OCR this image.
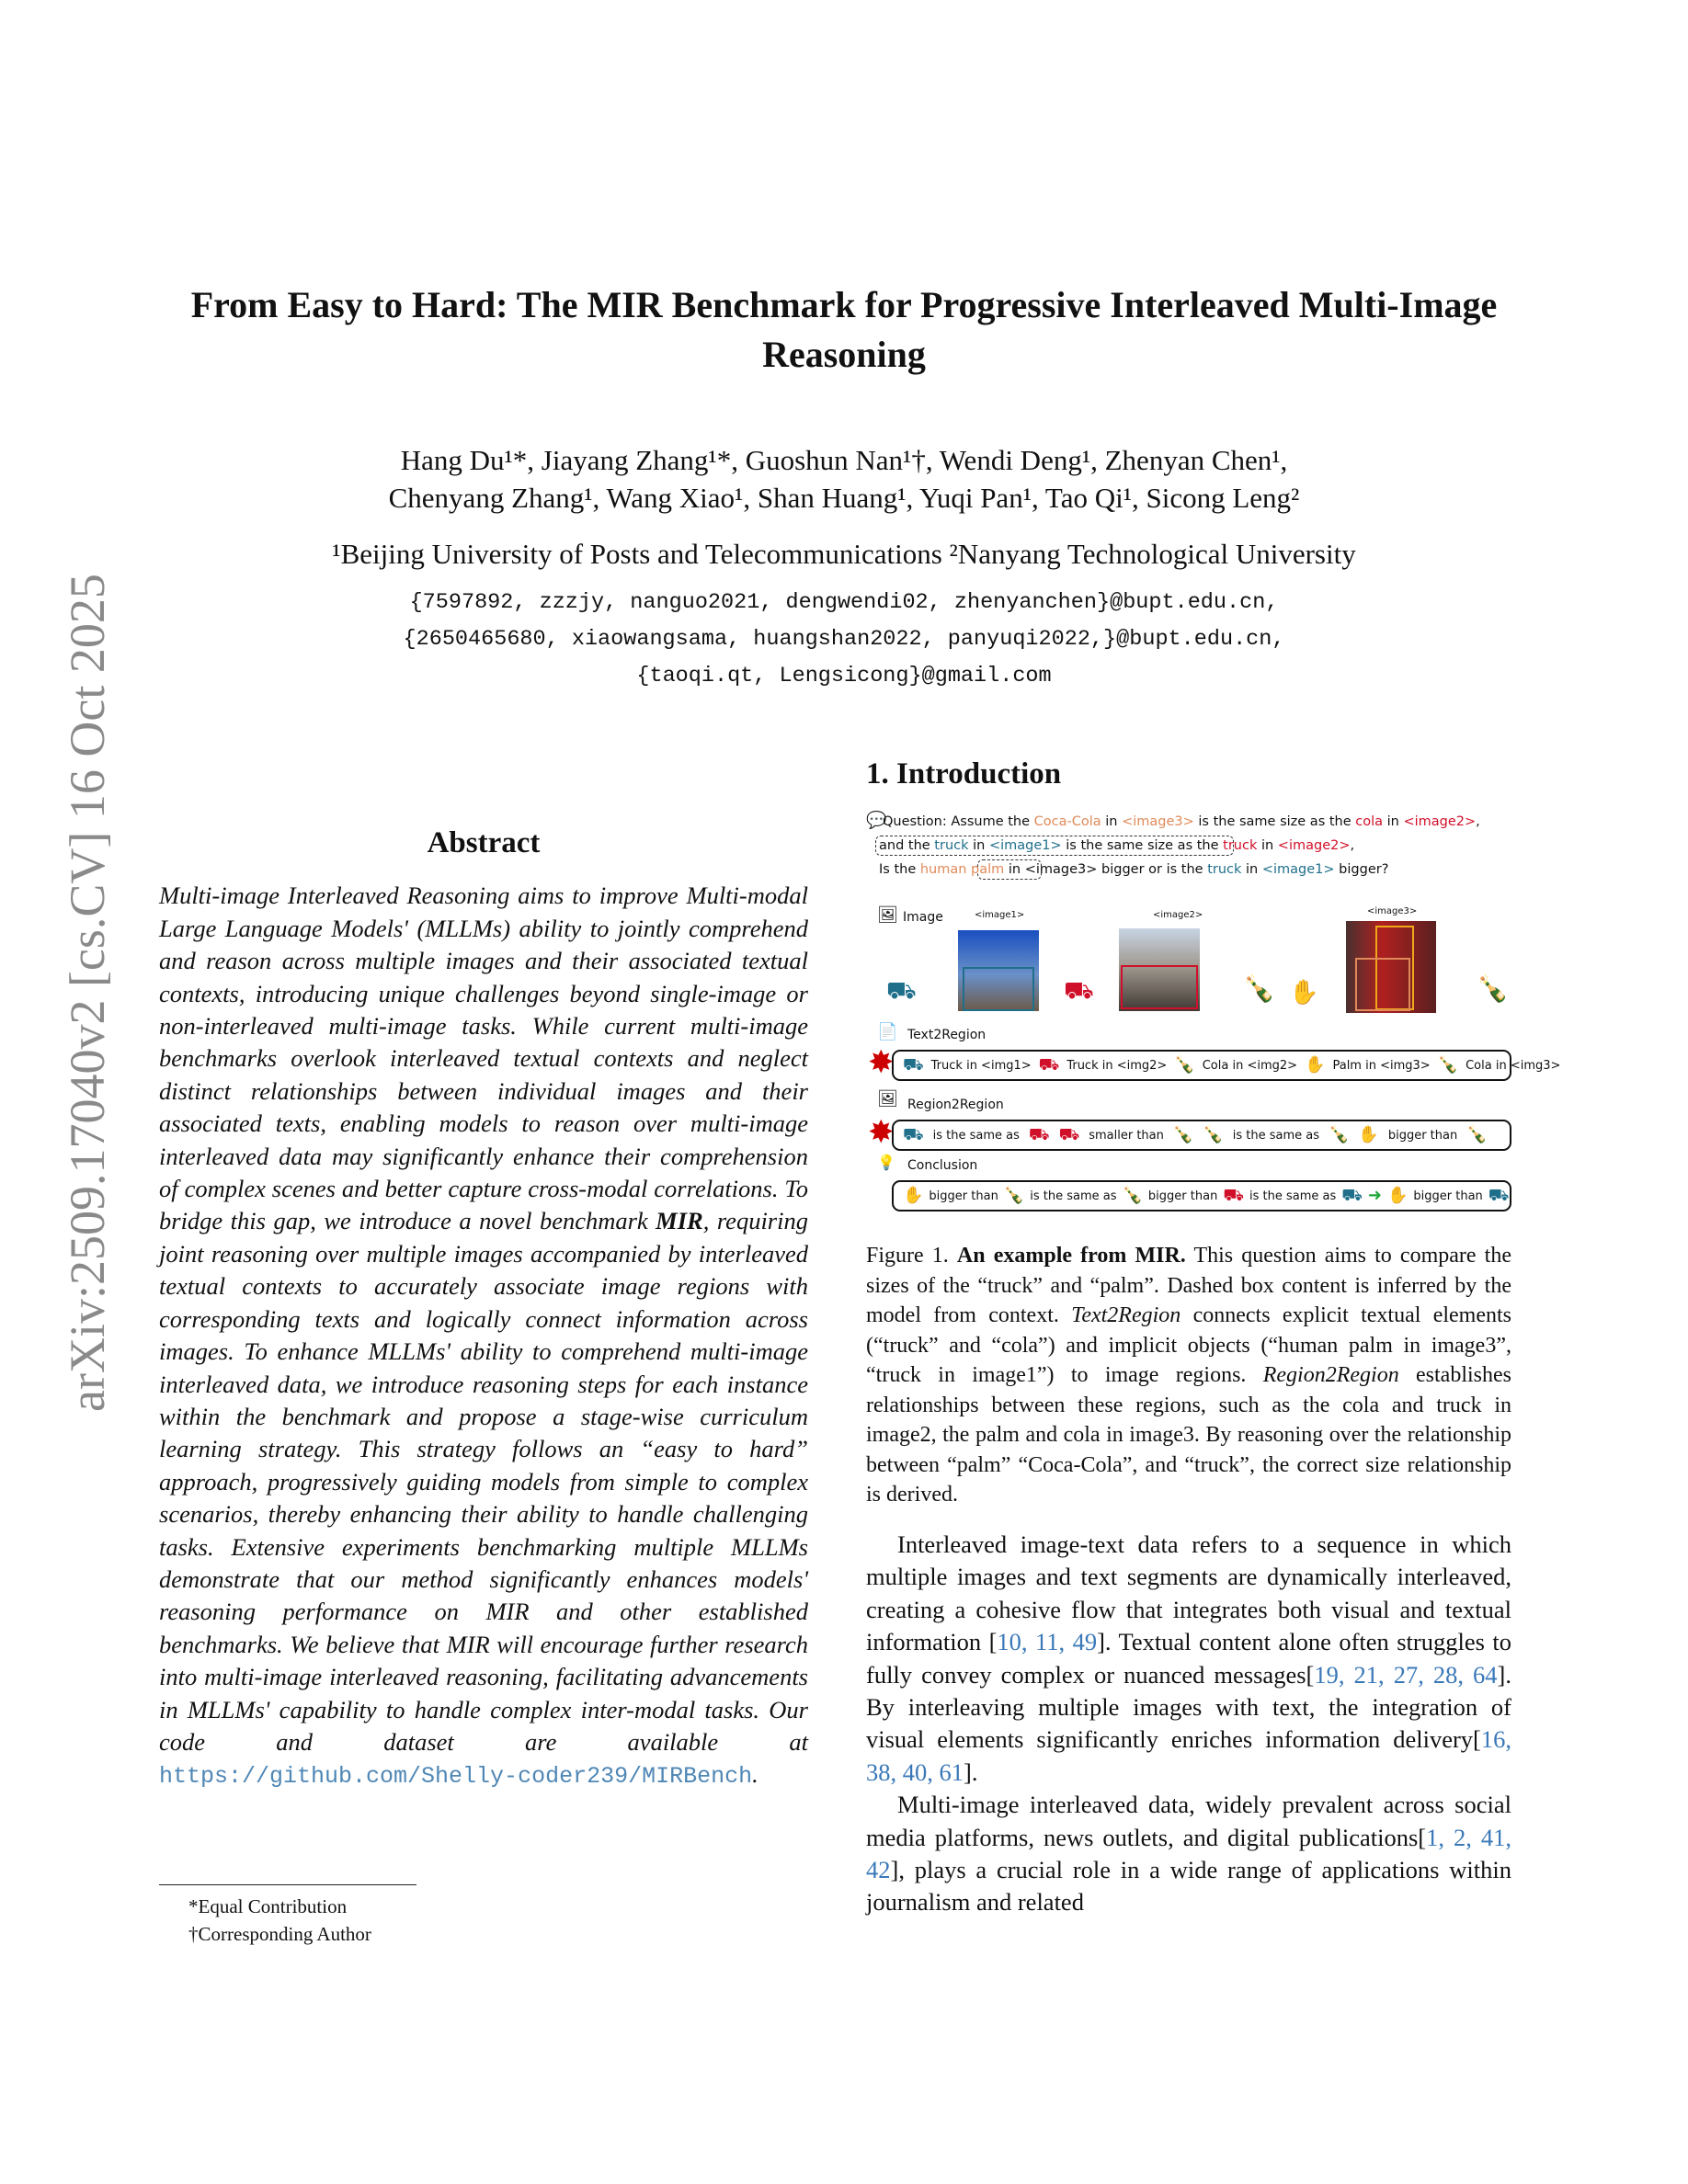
arXiv:2509.17040v2 [cs.CV] 16 Oct 2025
From Easy to Hard: The MIR Benchmark for Progressive Interleaved Multi-Image Reasoning
Hang Du¹*, Jiayang Zhang¹*, Guoshun Nan¹†, Wendi Deng¹, Zhenyan Chen¹,
Chenyang Zhang¹, Wang Xiao¹, Shan Huang¹, Yuqi Pan¹, Tao Qi¹, Sicong Leng²
¹Beijing University of Posts and Telecommunications ²Nanyang Technological University
{7597892, zzzjy, nanguo2021, dengwendi02, zhenyanchen}@bupt.edu.cn,
{2650465680, xiaowangsama, huangshan2022, panyuqi2022,}@bupt.edu.cn,
{taoqi.qt, Lengsicong}@gmail.com
Abstract
Multi-image Interleaved Reasoning aims to improve Multi-modal Large Language Models' (MLLMs) ability to jointly comprehend and reason across multiple images and their associated textual contexts, introducing unique challenges beyond single-image or non-interleaved multi-image tasks. While current multi-image benchmarks overlook interleaved textual contexts and neglect distinct relationships between individual images and their associated texts, enabling models to reason over multi-image interleaved data may significantly enhance their comprehension of complex scenes and better capture cross-modal correlations. To bridge this gap, we introduce a novel benchmark MIR, requiring joint reasoning over multiple images accompanied by interleaved textual contexts to accurately associate image regions with corresponding texts and logically connect information across images. To enhance MLLMs' ability to comprehend multi-image interleaved data, we introduce reasoning steps for each instance within the benchmark and propose a stage-wise curriculum learning strategy. This strategy follows an “easy to hard” approach, progressively guiding models from simple to complex scenarios, thereby enhancing their ability to handle challenging tasks. Extensive experiments benchmarking multiple MLLMs demonstrate that our method significantly enhances models' reasoning performance on MIR and other established benchmarks. We believe that MIR will encourage further research into multi-image interleaved reasoning, facilitating advancements in MLLMs' capability to handle complex inter-modal tasks. Our code and dataset are available at https://github.com/Shelly-coder239/MIRBench.
*Equal Contribution
†Corresponding Author
1. Introduction
💬
Question: Assume the Coca-Cola in <image3> is the same size as the cola in <image2>,
and the truck in <image1> is the same size as the truck in <image2>,
Is the human palm in <image3> bigger or is the truck in <image1> bigger?
🖼 Image	<image1>	<image2>	<image3>
⛟	⛟	🍾 ✋	🍾
📄 Text2Region
✸ ⛟ Truck in <img1> ⛟ Truck in <img2> 🍾 Cola in <img2> ✋ Palm in <img3> 🍾 Cola in <img3>
🖼 Region2Region
✸ ⛟ is the same as ⛟ ⛟ smaller than 🍾 🍾 is the same as 🍾 ✋ bigger than 🍾
💡 Conclusion
✋ bigger than 🍾 is the same as 🍾 bigger than ⛟ is the same as ⛟ ➜ ✋ bigger than ⛟
Figure 1. An example from MIR. This question aims to compare the sizes of the “truck” and “palm”. Dashed box content is inferred by the model from context. Text2Region connects explicit textual elements (“truck” and “cola”) and implicit objects (“human palm in image3”, “truck in image1”) to image regions. Region2Region establishes relationships between these regions, such as the cola and truck in image2, the palm and cola in image3. By reasoning over the relationship between “palm” “Coca-Cola”, and “truck”, the correct size relationship is derived.

Interleaved image-text data refers to a sequence in which multiple images and text segments are dynamically interleaved, creating a cohesive flow that integrates both visual and textual information [10, 11, 49]. Textual content alone often struggles to fully convey complex or nuanced messages[19, 21, 27, 28, 64]. By interleaving multiple images with text, the integration of visual elements significantly enriches information delivery[16, 38, 40, 61].

Multi-image interleaved data, widely prevalent across social media platforms, news outlets, and digital publications[1, 2, 41, 42], plays a crucial role in a wide range of applications within journalism and related
